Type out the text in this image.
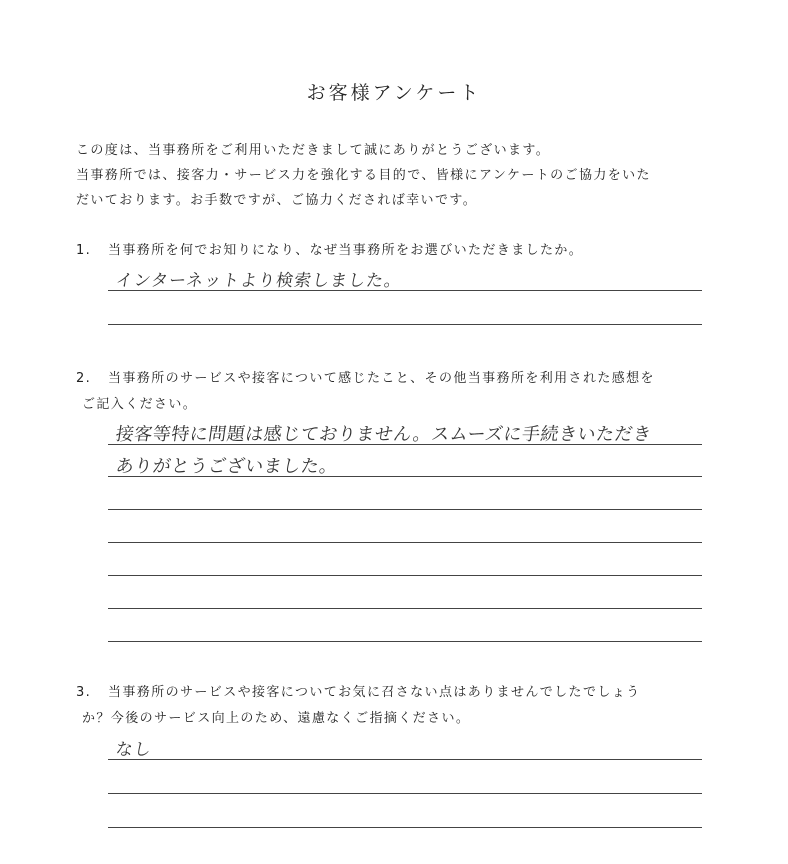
お客様アンケート
この度は、当事務所をご利用いただきまして誠にありがとうございます。
当事務所では、接客力・サービス力を強化する目的で、皆様にアンケートのご協力をいた
だいております。お手数ですが、ご協力くだされば幸いです。
1. 当事務所を何でお知りになり、なぜ当事務所をお選びいただきましたか。
インターネットより検索しました。
2. 当事務所のサービスや接客について感じたこと、その他当事務所を利用された感想を
ご記入ください。
接客等特に問題は感じておりません。スムーズに手続きいただき
ありがとうございました。
3. 当事務所のサービスや接客についてお気に召さない点はありませんでしたでしょう
か？今後のサービス向上のため、遠慮なくご指摘ください。
なし
